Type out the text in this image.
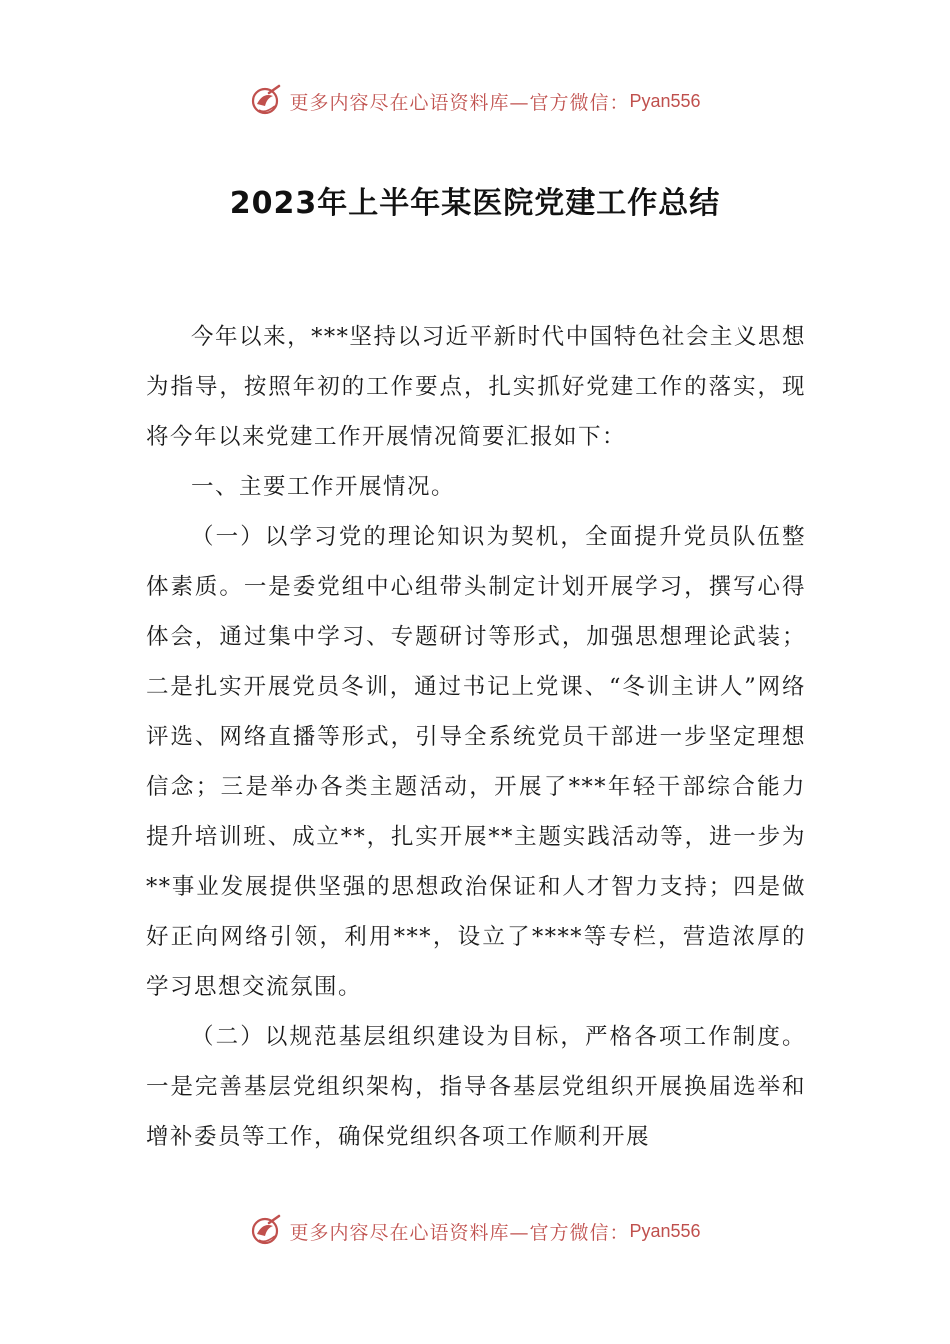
更多内容尽在心语资料库—官方微信： Pyan556
2023年上半年某医院党建工作总结

今年以来，***坚持以习近平新时代中国特色社会主义思想为指导，按照年初的工作要点，扎实抓好党建工作的落实，现将今年以来党建工作开展情况简要汇报如下：

一、主要工作开展情况。

（一）以学习党的理论知识为契机，全面提升党员队伍整体素质。一是委党组中心组带头制定计划开展学习，撰写心得体会，通过集中学习、专题研讨等形式，加强思想理论武装；二是扎实开展党员冬训，通过书记上党课、“冬训主讲人”网络评选、网络直播等形式，引导全系统党员干部进一步坚定理想信念；三是举办各类主题活动，开展了***年轻干部综合能力提升培训班、成立**，扎实开展**主题实践活动等，进一步为**事业发展提供坚强的思想政治保证和人才智力支持；四是做好正向网络引领，利用***，设立了****等专栏，营造浓厚的学习思想交流氛围。

（二）以规范基层组织建设为目标，严格各项工作制度。一是完善基层党组织架构，指导各基层党组织开展换届选举和增补委员等工作，确保党组织各项工作顺利开展

更多内容尽在心语资料库—官方微信： Pyan556
